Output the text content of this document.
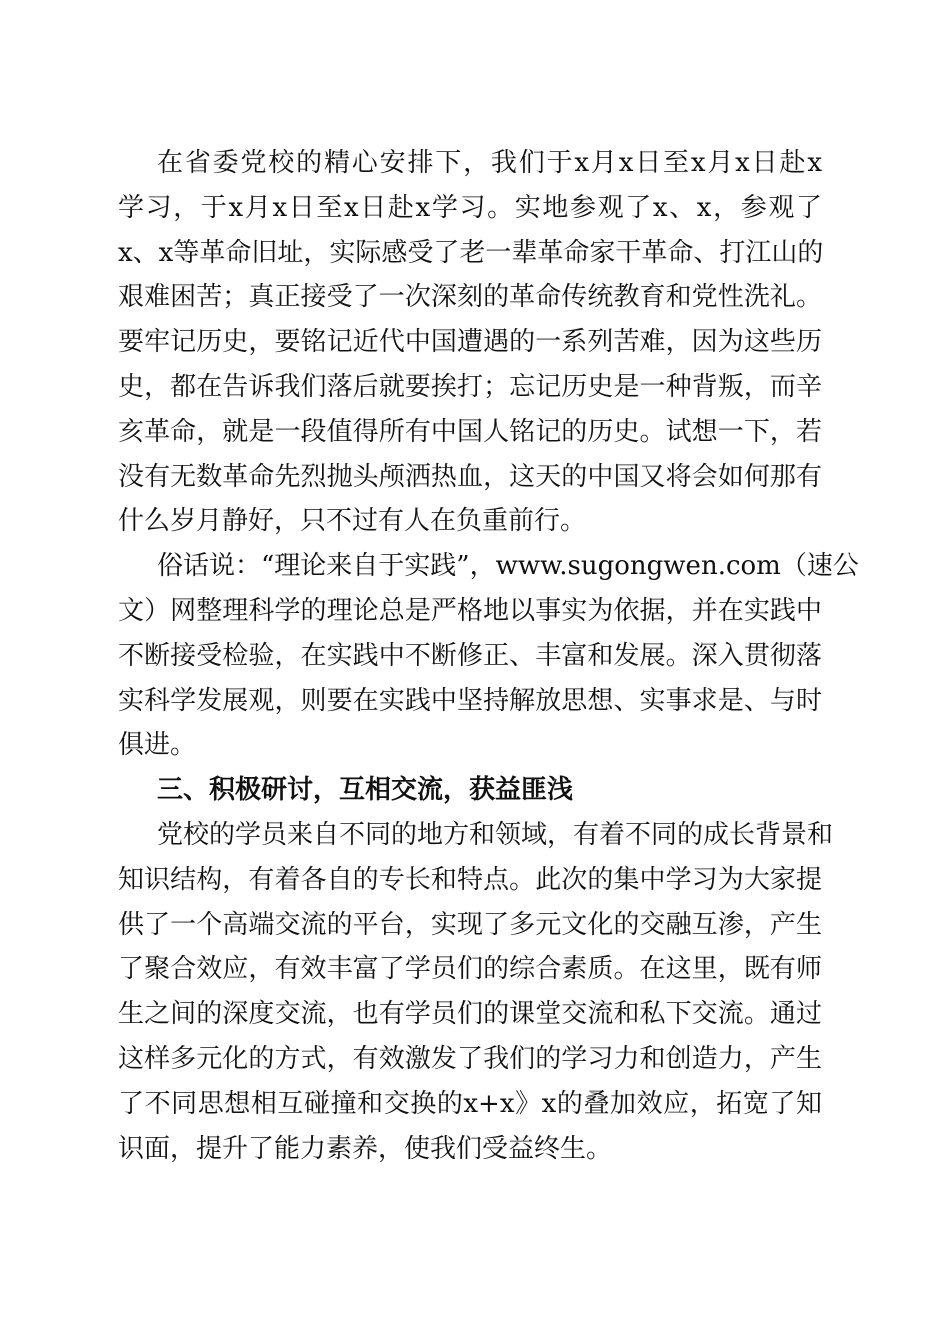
在省委党校的精心安排下，我们于x月x日至x月x日赴x
学习，于x月x日至x日赴x学习。实地参观了x、x，参观了
x、x等革命旧址，实际感受了老一辈革命家干革命、打江山的
艰难困苦；真正接受了一次深刻的革命传统教育和党性洗礼。
要牢记历史，要铭记近代中国遭遇的一系列苦难，因为这些历
史，都在告诉我们落后就要挨打；忘记历史是一种背叛，而辛
亥革命，就是一段值得所有中国人铭记的历史。试想一下，若
没有无数革命先烈抛头颅洒热血，这天的中国又将会如何那有
什么岁月静好，只不过有人在负重前行。
俗话说：“理论来自于实践”，www.sugongwen.com（速公
文）网整理科学的理论总是严格地以事实为依据，并在实践中
不断接受检验，在实践中不断修正、丰富和发展。深入贯彻落
实科学发展观，则要在实践中坚持解放思想、实事求是、与时
俱进。
三、积极研讨，互相交流，获益匪浅
党校的学员来自不同的地方和领域，有着不同的成长背景和
知识结构，有着各自的专长和特点。此次的集中学习为大家提
供了一个高端交流的平台，实现了多元文化的交融互渗，产生
了聚合效应，有效丰富了学员们的综合素质。在这里，既有师
生之间的深度交流，也有学员们的课堂交流和私下交流。通过
这样多元化的方式，有效激发了我们的学习力和创造力，产生
了不同思想相互碰撞和交换的x+x》x的叠加效应，拓宽了知
识面，提升了能力素养，使我们受益终生。
